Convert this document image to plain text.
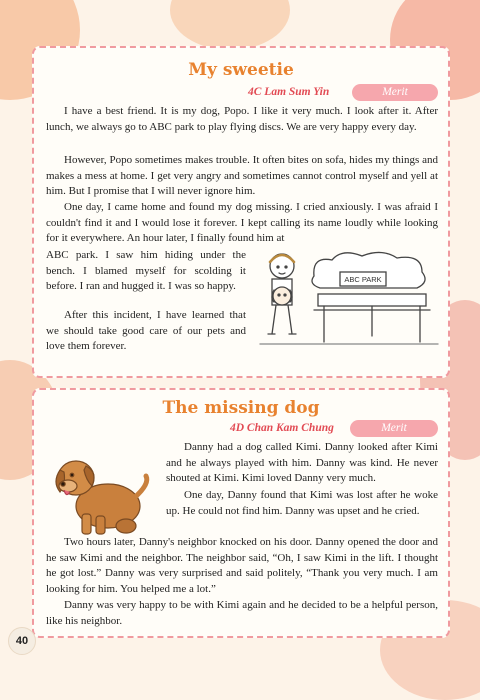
My sweetie
4C Lam Sum Yin	Merit

I have a best friend. It is my dog, Popo. I like it very much. I look after it. After lunch, we always go to ABC park to play flying discs. We are very happy every day.

However, Popo sometimes makes trouble. It often bites on sofa, hides my things and makes a mess at home. I get very angry and sometimes cannot control myself and yell at him. But I promise that I will never ignore him.

One day, I came home and found my dog missing. I cried anxiously. I was afraid I couldn't find it and I would lose it forever. I kept calling its name loudly while looking for it everywhere. An hour later, I finally found him at

ABC park. I saw him hiding under the bench. I blamed myself for scolding it before. I ran and hugged it. I was so happy.

After this incident, I have learned that we should take good care of our pets and love them forever.

ABC PARK
The missing dog
4D Chan Kam Chung	Merit

Danny had a dog called Kimi. Danny looked after Kimi and he always played with him. Danny was kind. He never shouted at Kimi. Kimi loved Danny very much.

One day, Danny found that Kimi was lost after he woke up. He could not find him. Danny was upset and he cried.

Two hours later, Danny's neighbor knocked on his door. Danny opened the door and he saw Kimi and the neighbor. The neighbor said, “Oh, I saw Kimi in the lift. I thought he got lost.” Danny was very surprised and said politely, “Thank you very much. I am looking for him. You helped me a lot.”

Danny was very happy to be with Kimi again and he decided to be a helpful person, like his neighbor.

40
